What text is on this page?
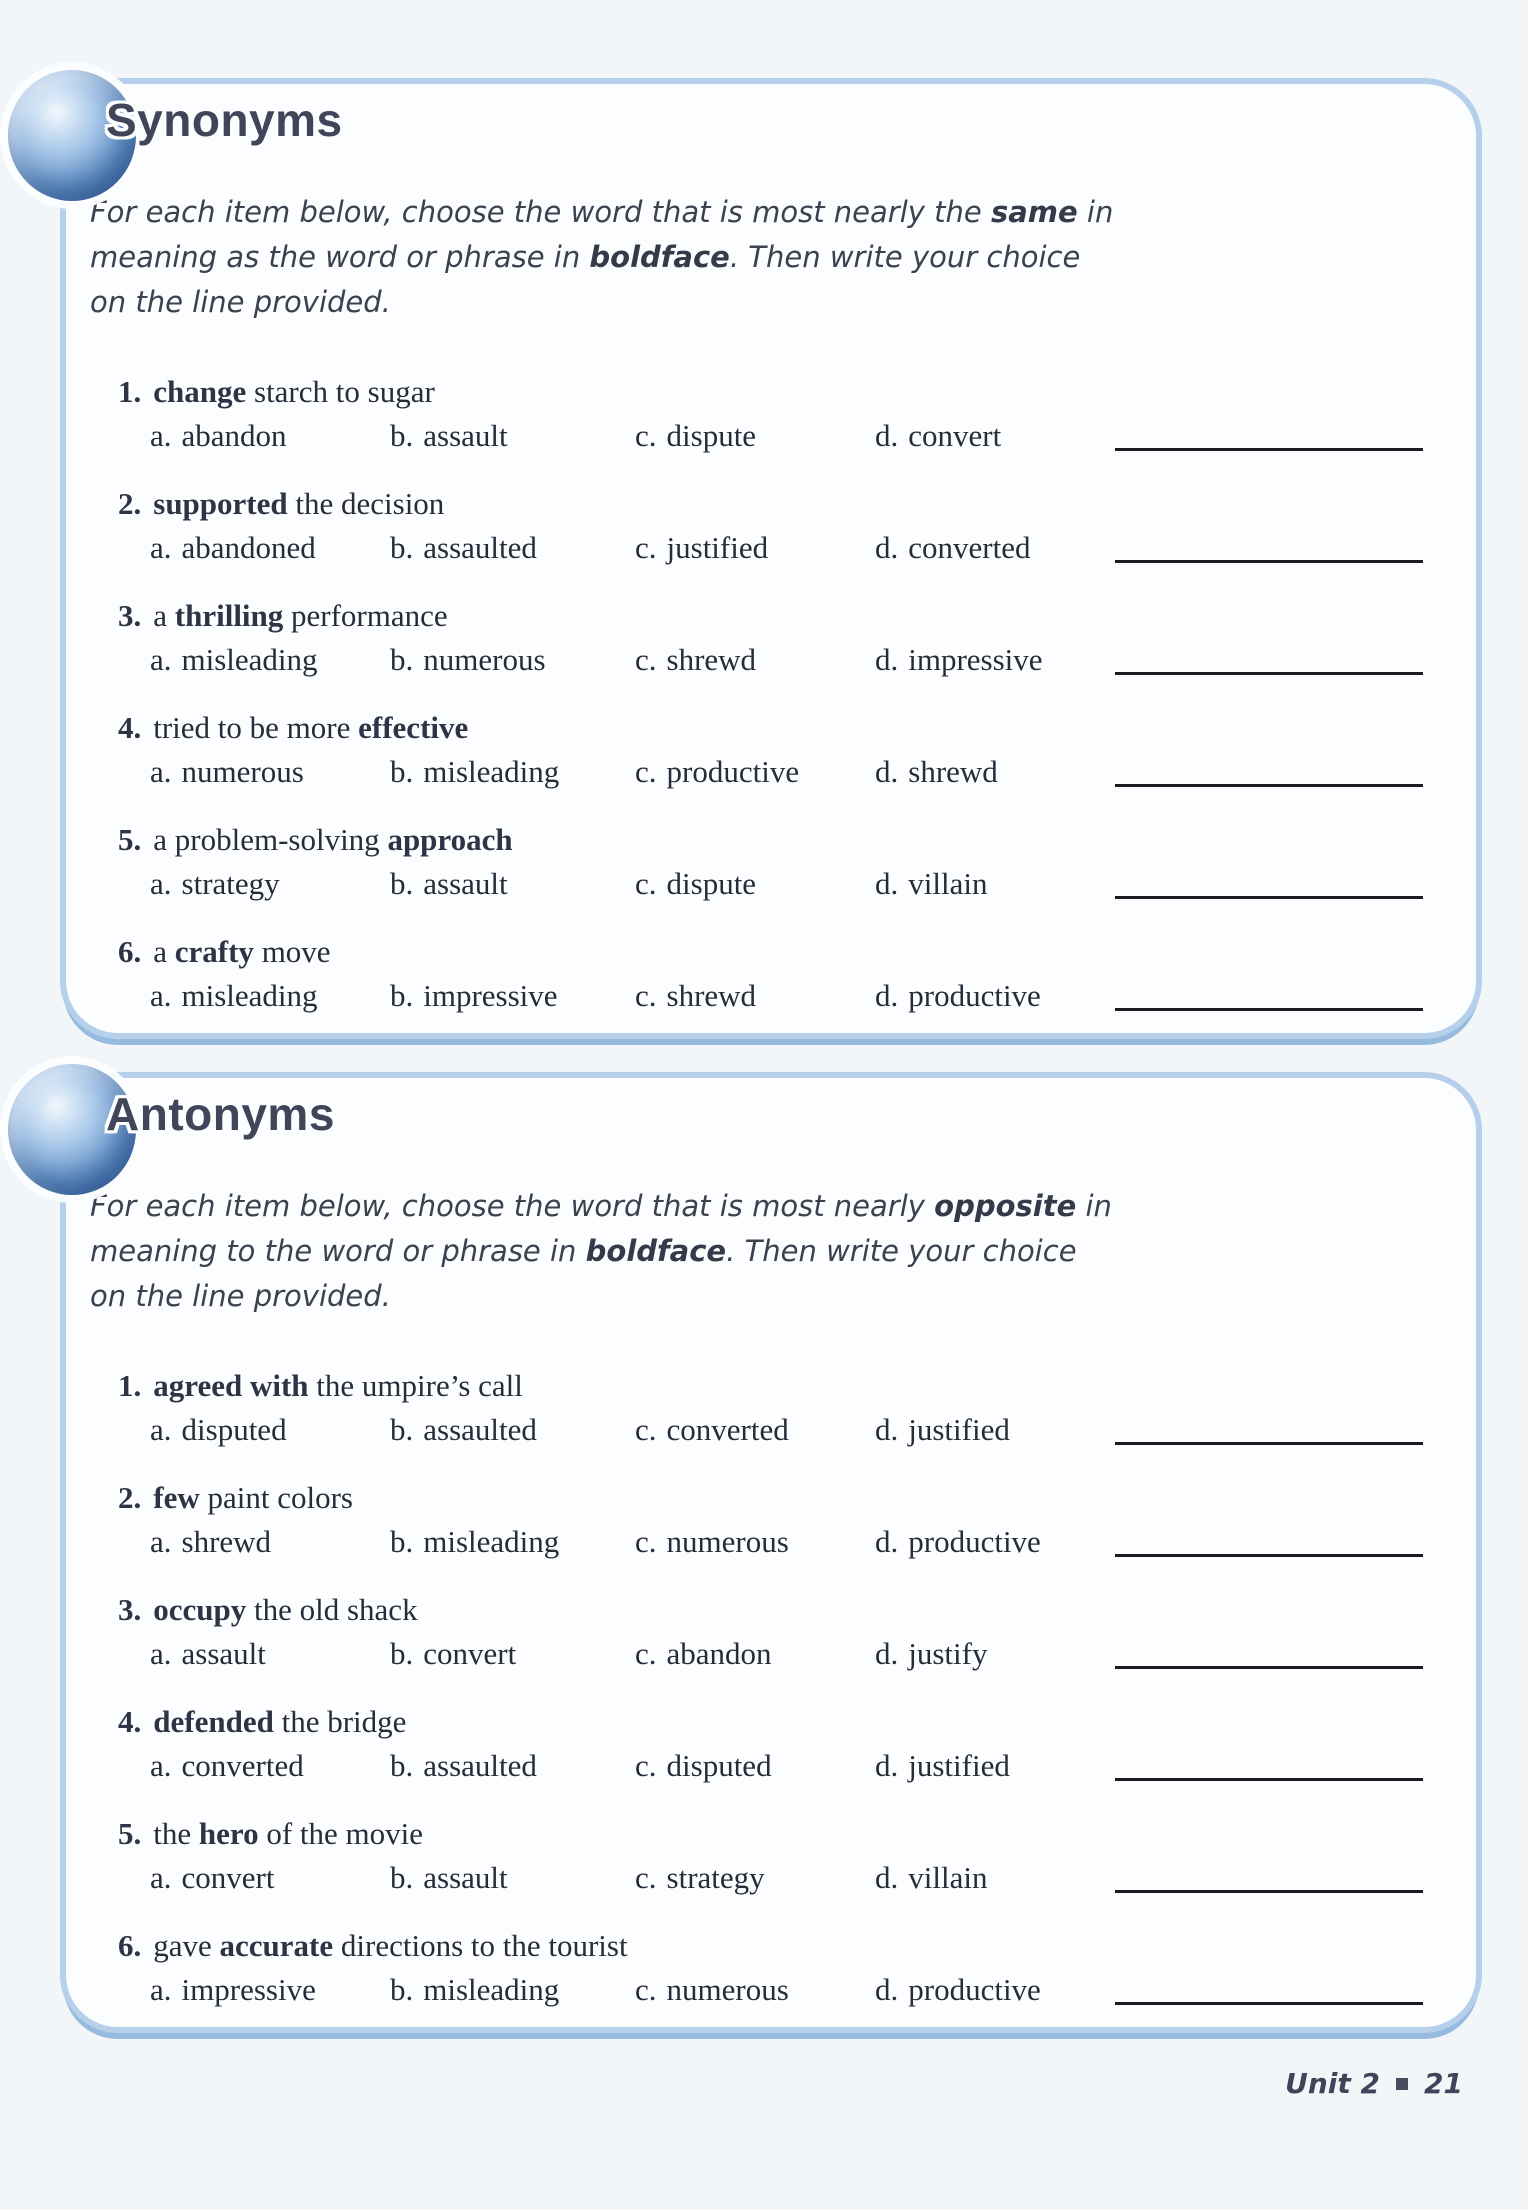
Synonyms
For each item below, choose the word that is most nearly the same in
meaning as the word or phrase in boldface. Then write your choice
on the line provided.
1. change starch to sugar
a. abandon	b. assault	c. dispute	d. convert
2. supported the decision
a. abandoned	b. assaulted	c. justified	d. converted
3. a thrilling performance
a. misleading	b. numerous	c. shrewd	d. impressive
4. tried to be more effective
a. numerous	b. misleading	c. productive	d. shrewd
5. a problem-solving approach
a. strategy	b. assault	c. dispute	d. villain
6. a crafty move
a. misleading	b. impressive	c. shrewd	d. productive
Antonyms
For each item below, choose the word that is most nearly opposite in
meaning to the word or phrase in boldface. Then write your choice
on the line provided.
1. agreed with the umpire’s call
a. disputed	b. assaulted	c. converted	d. justified
2. few paint colors
a. shrewd	b. misleading	c. numerous	d. productive
3. occupy the old shack
a. assault	b. convert	c. abandon	d. justify
4. defended the bridge
a. converted	b. assaulted	c. disputed	d. justified
5. the hero of the movie
a. convert	b. assault	c. strategy	d. villain
6. gave accurate directions to the tourist
a. impressive	b. misleading	c. numerous	d. productive
Unit 2 21
